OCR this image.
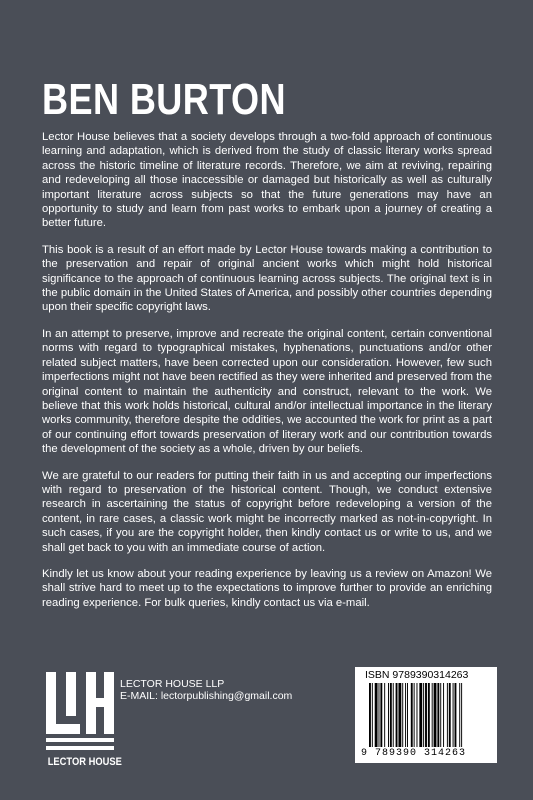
BEN BURTON

Lector House believes that a society develops through a two-fold approach of continuous learning and adaptation, which is derived from the study of classic literary works spread across the historic timeline of literature records. Therefore, we aim at reviving, repairing and redeveloping all those inaccessible or damaged but historically as well as culturally important literature across subjects so that the future generations may have an opportunity to study and learn from past works to embark upon a journey of creating a better future.

This book is a result of an effort made by Lector House towards making a contribution to the preservation and repair of original ancient works which might hold historical significance to the approach of continuous learning across subjects. The original text is in the public domain in the United States of America, and possibly other countries depending upon their specific copyright laws.

In an attempt to preserve, improve and recreate the original content, certain conventional norms with regard to typographical mistakes, hyphenations, punctuations and/or other related subject matters, have been corrected upon our consideration. However, few such imperfections might not have been rectified as they were inherited and preserved from the original content to maintain the authenticity and construct, relevant to the work. We believe that this work holds historical, cultural and/or intellectual importance in the literary works community, therefore despite the oddities, we accounted the work for print as a part of our continuing effort towards preservation of literary work and our contribution towards the development of the society as a whole, driven by our beliefs.

We are grateful to our readers for putting their faith in us and accepting our imperfections with regard to preservation of the historical content. Though, we conduct extensive research in ascertaining the status of copyright before redeveloping a version of the content, in rare cases, a classic work might be incorrectly marked as not-in-copyright. In such cases, if you are the copyright holder, then kindly contact us or write to us, and we shall get back to you with an immediate course of action.

Kindly let us know about your reading experience by leaving us a review on Amazon! We shall strive hard to meet up to the expectations to improve further to provide an enriching reading experience. For bulk queries, kindly contact us via e-mail.

LECTOR HOUSE
LECTOR HOUSE LLP
E-MAIL: lectorpublishing@gmail.com
ISBN 9789390314263
9 789390 314263
